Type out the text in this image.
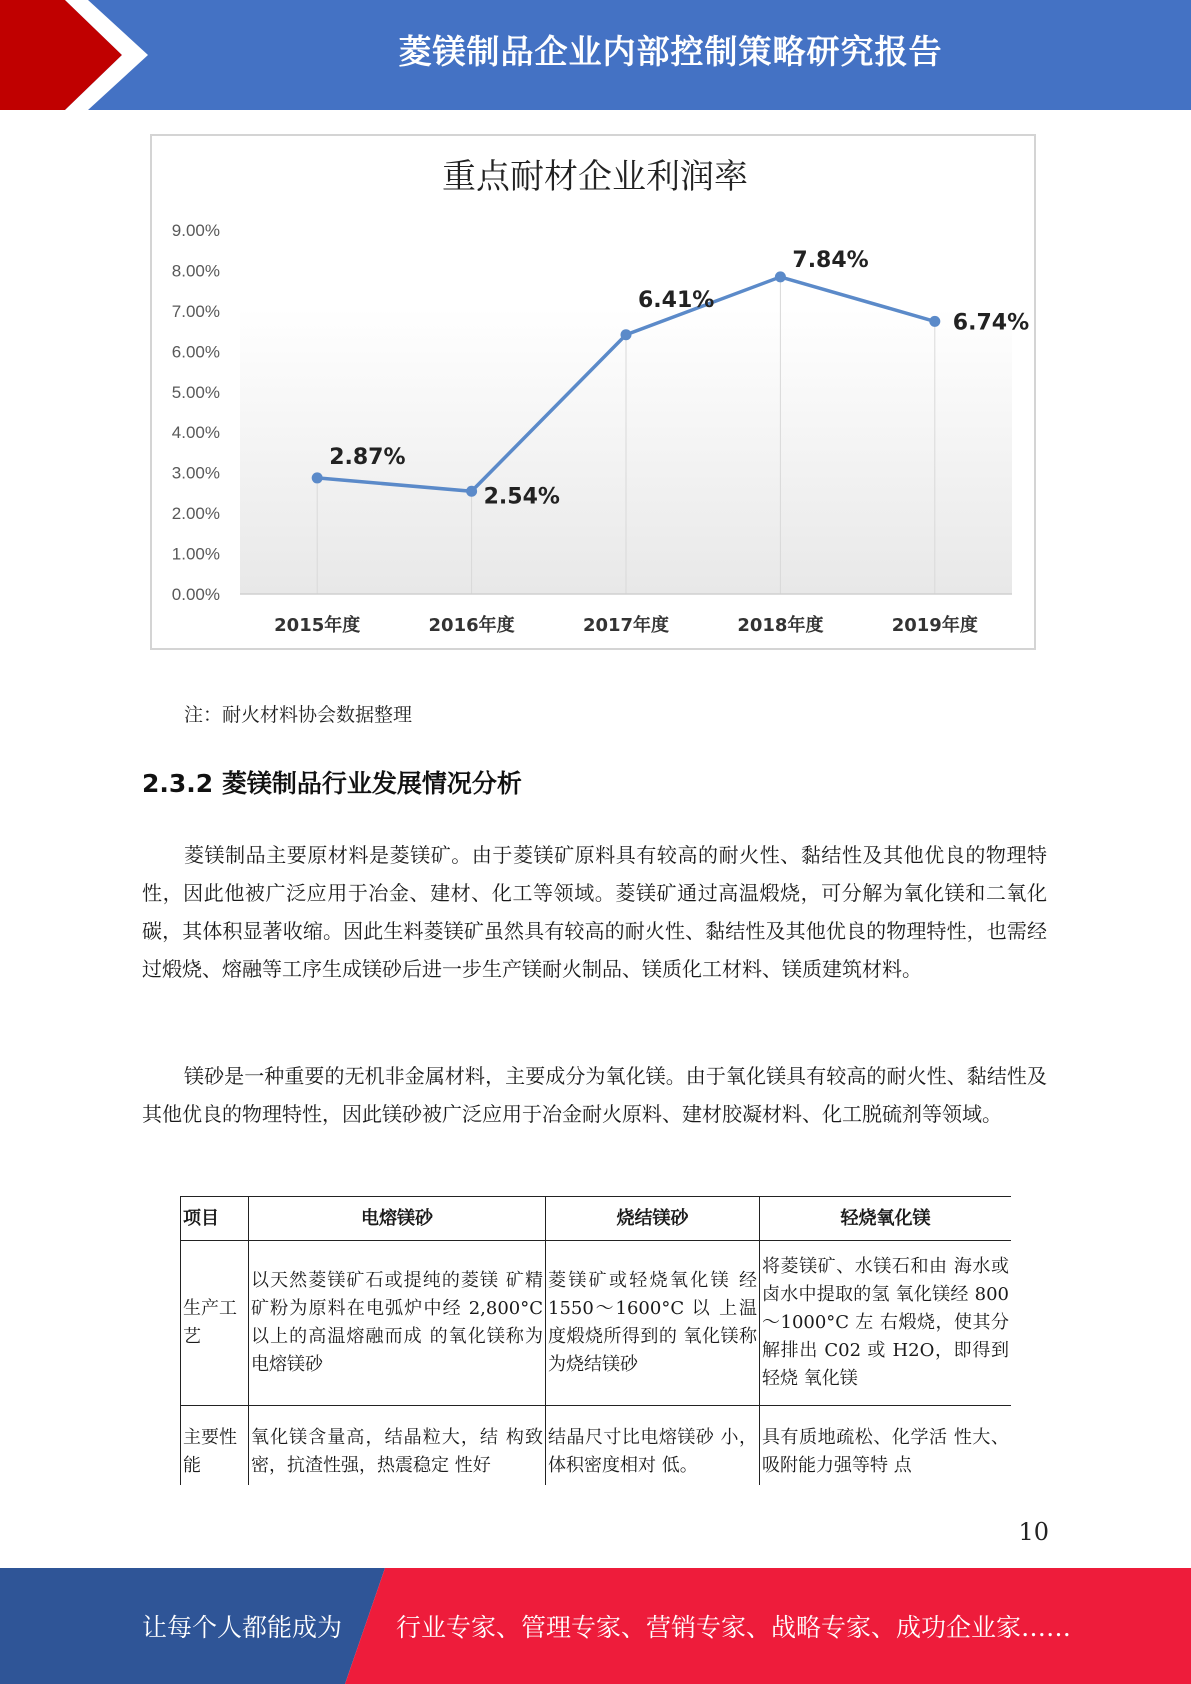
菱镁制品企业内部控制策略研究报告
重点耐材企业利润率
0.00%
1.00%
2.00%
3.00%
4.00%
5.00%
6.00%
7.00%
8.00%
9.00%
2015年度	2016年度	2017年度	2018年度	2019年度
2.87%
2.54%
6.41%
7.84%
6.74%
注：耐火材料协会数据整理
2.3.2 菱镁制品行业发展情况分析

菱镁制品主要原材料是菱镁矿。由于菱镁矿原料具有较高的耐火性、黏结性及其他优良的物理特性，因此他被广泛应用于冶金、建材、化工等领域。菱镁矿通过高温煅烧，可分解为氧化镁和二氧化碳，其体积显著收缩。因此生料菱镁矿虽然具有较高的耐火性、黏结性及其他优良的物理特性，也需经过煅烧、熔融等工序生成镁砂后进一步生产镁耐火制品、镁质化工材料、镁质建筑材料。

镁砂是一种重要的无机非金属材料，主要成分为氧化镁。由于氧化镁具有较高的耐火性、黏结性及其他优良的物理特性，因此镁砂被广泛应用于冶金耐火原料、建材胶凝材料、化工脱硫剂等领域。

项目	电熔镁砂	烧结镁砂	轻烧氧化镁
生产工艺	以天然菱镁矿石或提纯的菱镁 矿精矿粉为原料在电弧炉中经 2,800°C 以上的高温熔融而成 的氧化镁称为电熔镁砂	菱镁矿或轻烧氧化镁 经 1550～1600°C 以 上温度煅烧所得到的 氧化镁称为烧结镁砂	将菱镁矿、水镁石和由 海水或卤水中提取的氢 氧化镁经 800～1000°C 左 右煅烧，使其分解排出 C02 或 H2O，即得到轻烧 氧化镁
主要性能	氧化镁含量高，结晶粒大，结 构致密，抗渣性强，热震稳定 性好	结晶尺寸比电熔镁砂 小，体积密度相对 低。	具有质地疏松、化学活 性大、吸附能力强等特 点
10
让每个人都能成为 行业专家、管理专家、营销专家、战略专家、成功企业家……
